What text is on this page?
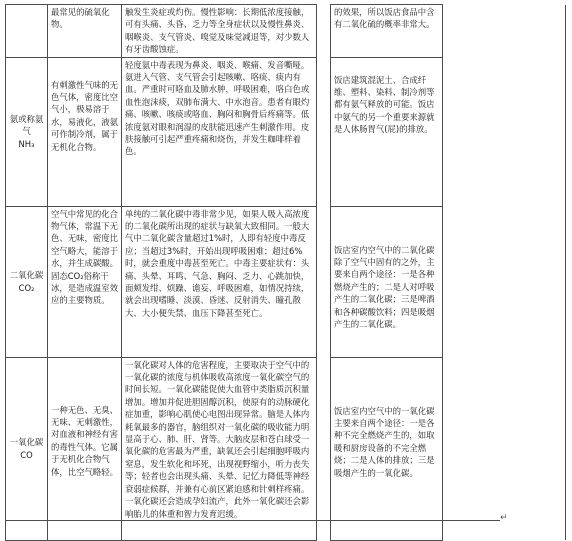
	最常见的硫氧化物。	触发生炎症或灼伤。慢性影响：长期低浓度接触，可有头痛、头昏、乏力等全身症状以及慢性鼻炎、咽喉炎、支气管炎、嗅觉及味觉减退等，对少数人有牙齿酸蚀症。		的效果，所以饭店食品中含有二氧化硫的概率非常大。	

氨或称氨气
NH₃	有刺激性气味的无色气体，密度比空气小，极易溶于水，易液化，液氨可作制冷剂，属于无机化合物。	轻度氨中毒表现为鼻炎、咽炎、喉痛、发音嘶哑。氨进入气管、支气管会引起咳嗽、咯痰、痰内有血。严重时可咯血及肺水肿，呼吸困难，咯白色或血性泡沫痰，双肺布满大、中水泡音。患者有眼灼痛、咳嗽、咳痰或咯血、胸闷和胸骨后疼痛等。低浓度氨对眼和润湿的皮肤能迅速产生刺激作用。皮肤接触可引起严重疼痛和烧伤，并发生咖啡样着色。		饭店建筑混泥土、合成纤维、塑料、染料、制冷剂等都有氨气释放的可能。饭店中氨气的另一个重要来源就是人体肠胃气(屁)的排放。	

二氧化碳
CO₂	空气中常见的化合物气体，常温下无色、无味，密度比空气略大，能溶于水，并生成碳酸。固态CO₂俗称干冰，是造成温室效应的主要物质。	单纯的二氧化碳中毒非常少见，如果人吸入高浓度的二氧化碳所出现的症状与缺氧大致相同。一般大气中二氧化碳含量超过1%时，人即有轻度中毒反应；当超过3%时，开始出现呼吸困难；超过6%时，就会重度中毒甚至死亡。中毒主要症状有：头痛、头晕、耳鸣、气急、胸闷、乏力、心跳加快，面颊发绀、烦躁、谵妄、呼吸困难，如情况持续，就会出现嗜睡、淡漠、昏迷、反射消失、瞳孔散大、大小便失禁、血压下降甚至死亡。		饭店室内空气中的二氧化碳除了空气中固有的之外，主要来自两个途径：一是各种燃烧产生的；二是人对呼吸产生的二氧化碳；三是啤酒和各种碳酸饮料；四是吸烟产生的二氧化碳。	

一氧化碳
CO	一种无色、无臭、无味、无刺激性，对血液和神经有害的毒性气体。它属于无机化合物气体，比空气略轻。	一氧化碳对人体的危害程度，主要取决于空气中的一氧化碳的浓度与机体吸收高浓度一氧化碳空气的时间长短。一氧化碳能促使大血管中类脂质沉积量增加。增加并促进胆固醇沉积，使原有的动脉硬化症加重，影响心肌使心电图出现异常。脑是人体内耗氧最多的器官，脑组织对一氧化碳的吸收能力明显高于心、肺、肝、肾等。大脑皮层和苍白球受一氧化碳的危害最为严重，缺氧还会引起细胞呼吸内窒息，发生软化和坏死，出现视野缩小，听力丧失等；轻者也会出现头痛、头晕、记忆力降低等神经衰弱症候群，并兼有心前区紧迫感和针刺样疼痛。一氧化碳还会造成孕妇流产，此外一氧化碳还会影响胎儿的体重和智力发育迟缓。		饭店室内空气中的一氧化碳主要来自两个途径：一是各种不完全燃烧产生的，如取暖和厨房设备的不完全燃烧；二是人体的排放；三是吸烟产生的一氧化碳。	

↵
